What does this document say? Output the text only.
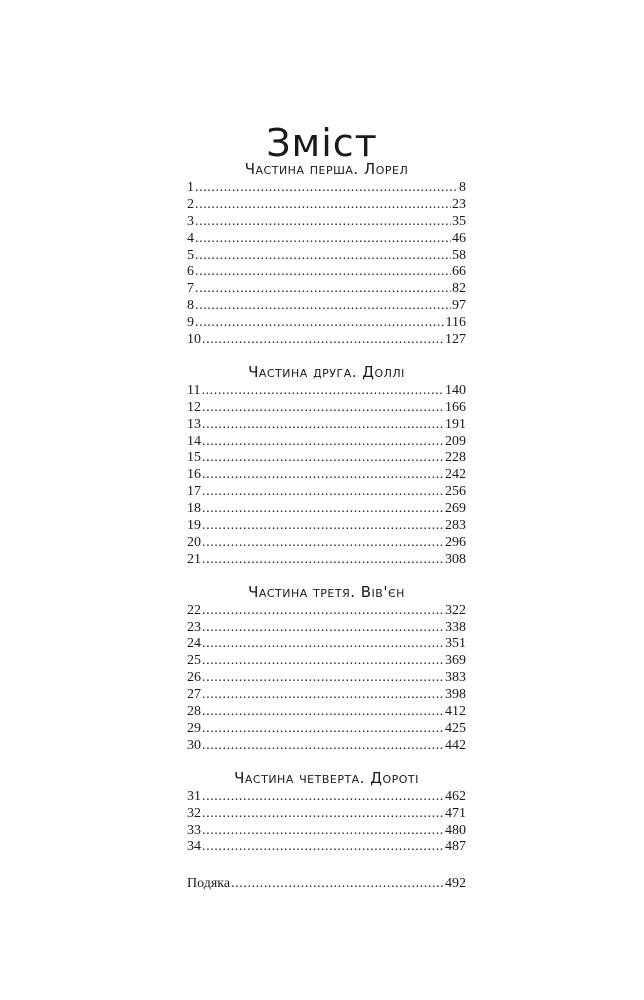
Зміст
Частина перша. Лорел
1 .....	8
2 .....	23
3 .....	35
4 .....	46
5 .....	58
6 .....	66
7 .....	82
8 .....	97
9 .....	116
10 .....	127
Частина друга. Доллі
11 .....	140
12 .....	166
13 .....	191
14 .....	209
15 .....	228
16 .....	242
17 .....	256
18 .....	269
19 .....	283
20 .....	296
21 .....	308
Частина третя. Вів'єн
22 .....	322
23 .....	338
24 .....	351
25 .....	369
26 .....	383
27 .....	398
28 .....	412
29 .....	425
30 .....	442
Частина четверта. Дороті
31 .....	462
32 .....	471
33 .....	480
34 .....	487
Подяка .....	492
